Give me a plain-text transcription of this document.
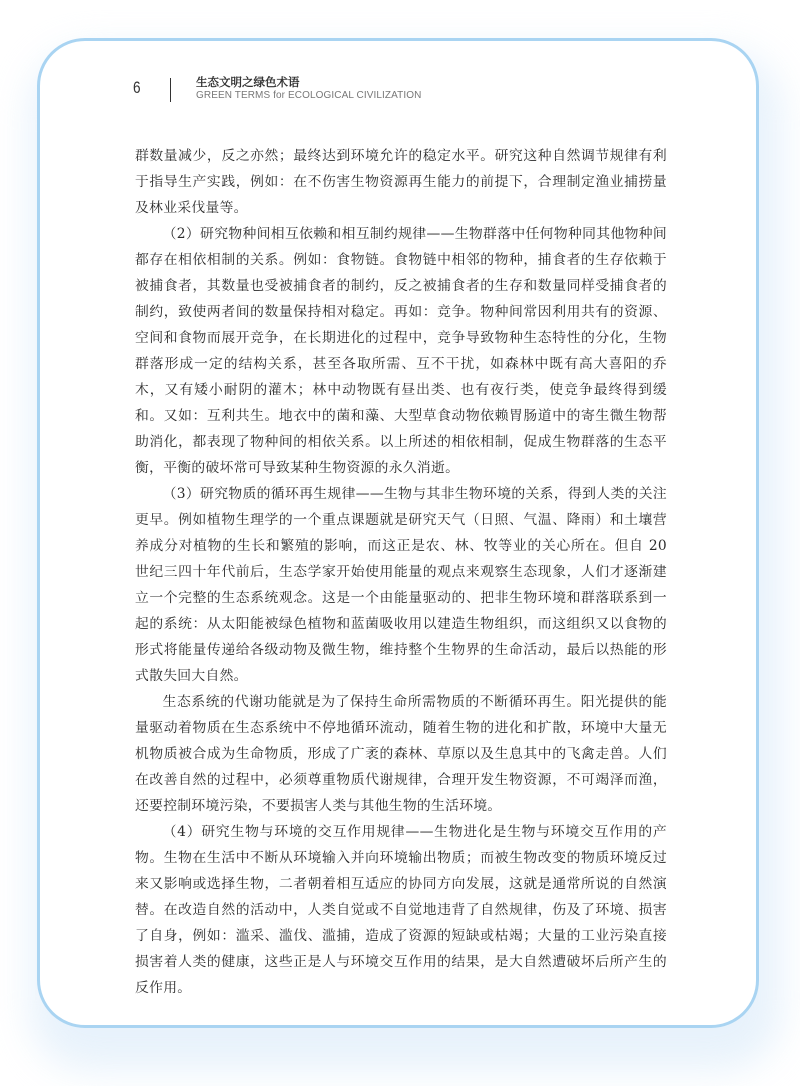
6	生态文明之绿色术语
GREEN TERMS for ECOLOGICAL CIVILIZATION

群数量减少，反之亦然；最终达到环境允许的稳定水平。研究这种自然调节规律有利于指导生产实践，例如：在不伤害生物资源再生能力的前提下，合理制定渔业捕捞量及林业采伐量等。

（2）研究物种间相互依赖和相互制约规律——生物群落中任何物种同其他物种间都存在相依相制的关系。例如：食物链。食物链中相邻的物种，捕食者的生存依赖于被捕食者，其数量也受被捕食者的制约，反之被捕食者的生存和数量同样受捕食者的制约，致使两者间的数量保持相对稳定。再如：竞争。物种间常因利用共有的资源、空间和食物而展开竞争，在长期进化的过程中，竞争导致物种生态特性的分化，生物群落形成一定的结构关系，甚至各取所需、互不干扰，如森林中既有高大喜阳的乔木，又有矮小耐阴的灌木；林中动物既有昼出类、也有夜行类，使竞争最终得到缓和。又如：互利共生。地衣中的菌和藻、大型草食动物依赖胃肠道中的寄生微生物帮助消化，都表现了物种间的相依关系。以上所述的相依相制，促成生物群落的生态平衡，平衡的破坏常可导致某种生物资源的永久消逝。

（3）研究物质的循环再生规律——生物与其非生物环境的关系，得到人类的关注更早。例如植物生理学的一个重点课题就是研究天气（日照、气温、降雨）和土壤营养成分对植物的生长和繁殖的影响，而这正是农、林、牧等业的关心所在。但自 20 世纪三四十年代前后，生态学家开始使用能量的观点来观察生态现象，人们才逐渐建立一个完整的生态系统观念。这是一个由能量驱动的、把非生物环境和群落联系到一起的系统：从太阳能被绿色植物和蓝菌吸收用以建造生物组织，而这组织又以食物的形式将能量传递给各级动物及微生物，维持整个生物界的生命活动，最后以热能的形式散失回大自然。

生态系统的代谢功能就是为了保持生命所需物质的不断循环再生。阳光提供的能量驱动着物质在生态系统中不停地循环流动，随着生物的进化和扩散，环境中大量无机物质被合成为生命物质，形成了广袤的森林、草原以及生息其中的飞禽走兽。人们在改善自然的过程中，必须尊重物质代谢规律，合理开发生物资源，不可竭泽而渔，还要控制环境污染，不要损害人类与其他生物的生活环境。

（4）研究生物与环境的交互作用规律——生物进化是生物与环境交互作用的产物。生物在生活中不断从环境输入并向环境输出物质；而被生物改变的物质环境反过来又影响或选择生物，二者朝着相互适应的协同方向发展，这就是通常所说的自然演替。在改造自然的活动中，人类自觉或不自觉地违背了自然规律，伤及了环境、损害了自身，例如：滥采、滥伐、滥捕，造成了资源的短缺或枯竭；大量的工业污染直接损害着人类的健康，这些正是人与环境交互作用的结果，是大自然遭破坏后所产生的反作用。
